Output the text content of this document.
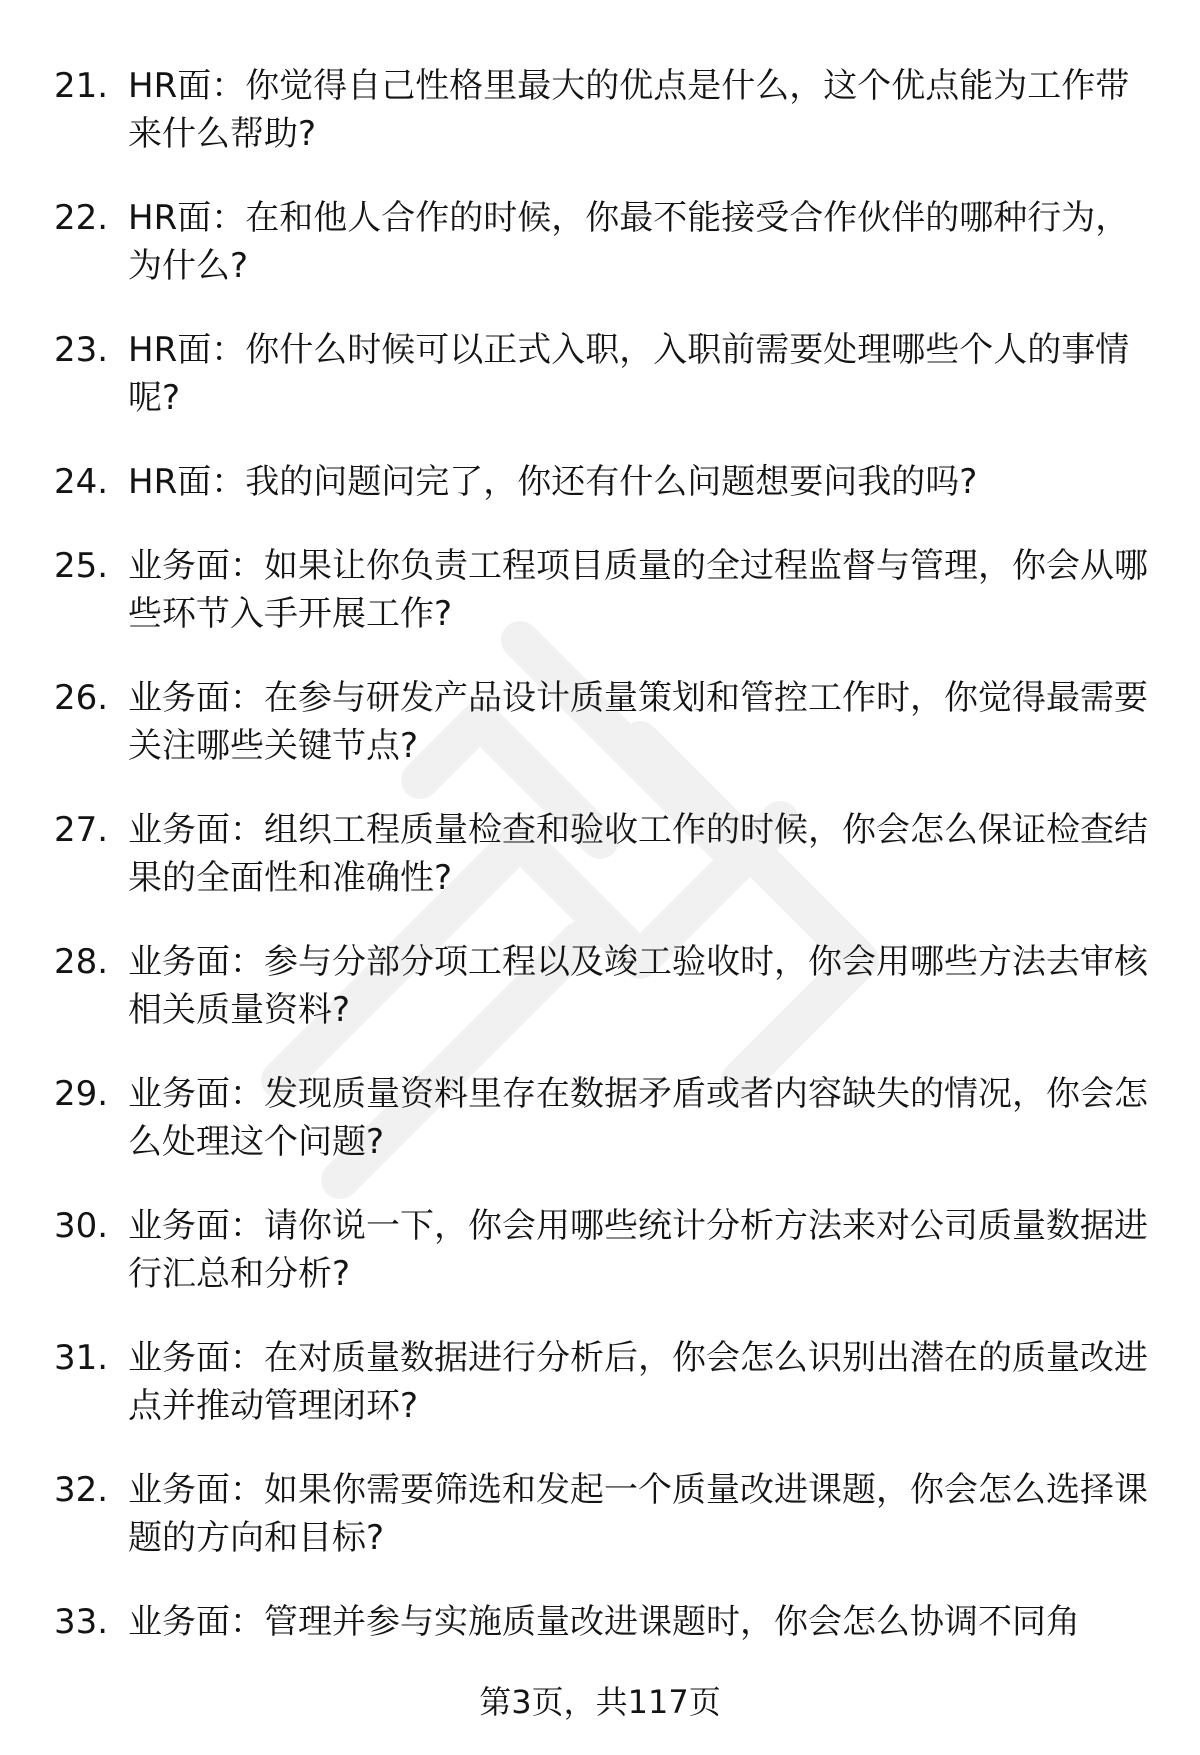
21. HR面：你觉得自己性格里最大的优点是什么，这个优点能为工作带来什么帮助?
22. HR面：在和他人合作的时候，你最不能接受合作伙伴的哪种行为，为什么?
23. HR面：你什么时候可以正式入职，入职前需要处理哪些个人的事情呢?
24. HR面：我的问题问完了，你还有什么问题想要问我的吗?
25. 业务面：如果让你负责工程项目质量的全过程监督与管理，你会从哪些环节入手开展工作?
26. 业务面：在参与研发产品设计质量策划和管控工作时，你觉得最需要关注哪些关键节点?
27. 业务面：组织工程质量检查和验收工作的时候，你会怎么保证检查结果的全面性和准确性?
28. 业务面：参与分部分项工程以及竣工验收时，你会用哪些方法去审核相关质量资料?
29. 业务面：发现质量资料里存在数据矛盾或者内容缺失的情况，你会怎么处理这个问题?
30. 业务面：请你说一下，你会用哪些统计分析方法来对公司质量数据进行汇总和分析?
31. 业务面：在对质量数据进行分析后，你会怎么识别出潜在的质量改进点并推动管理闭环?
32. 业务面：如果你需要筛选和发起一个质量改进课题，你会怎么选择课题的方向和目标?
33. 业务面：管理并参与实施质量改进课题时，你会怎么协调不同角
第3页，共117页
